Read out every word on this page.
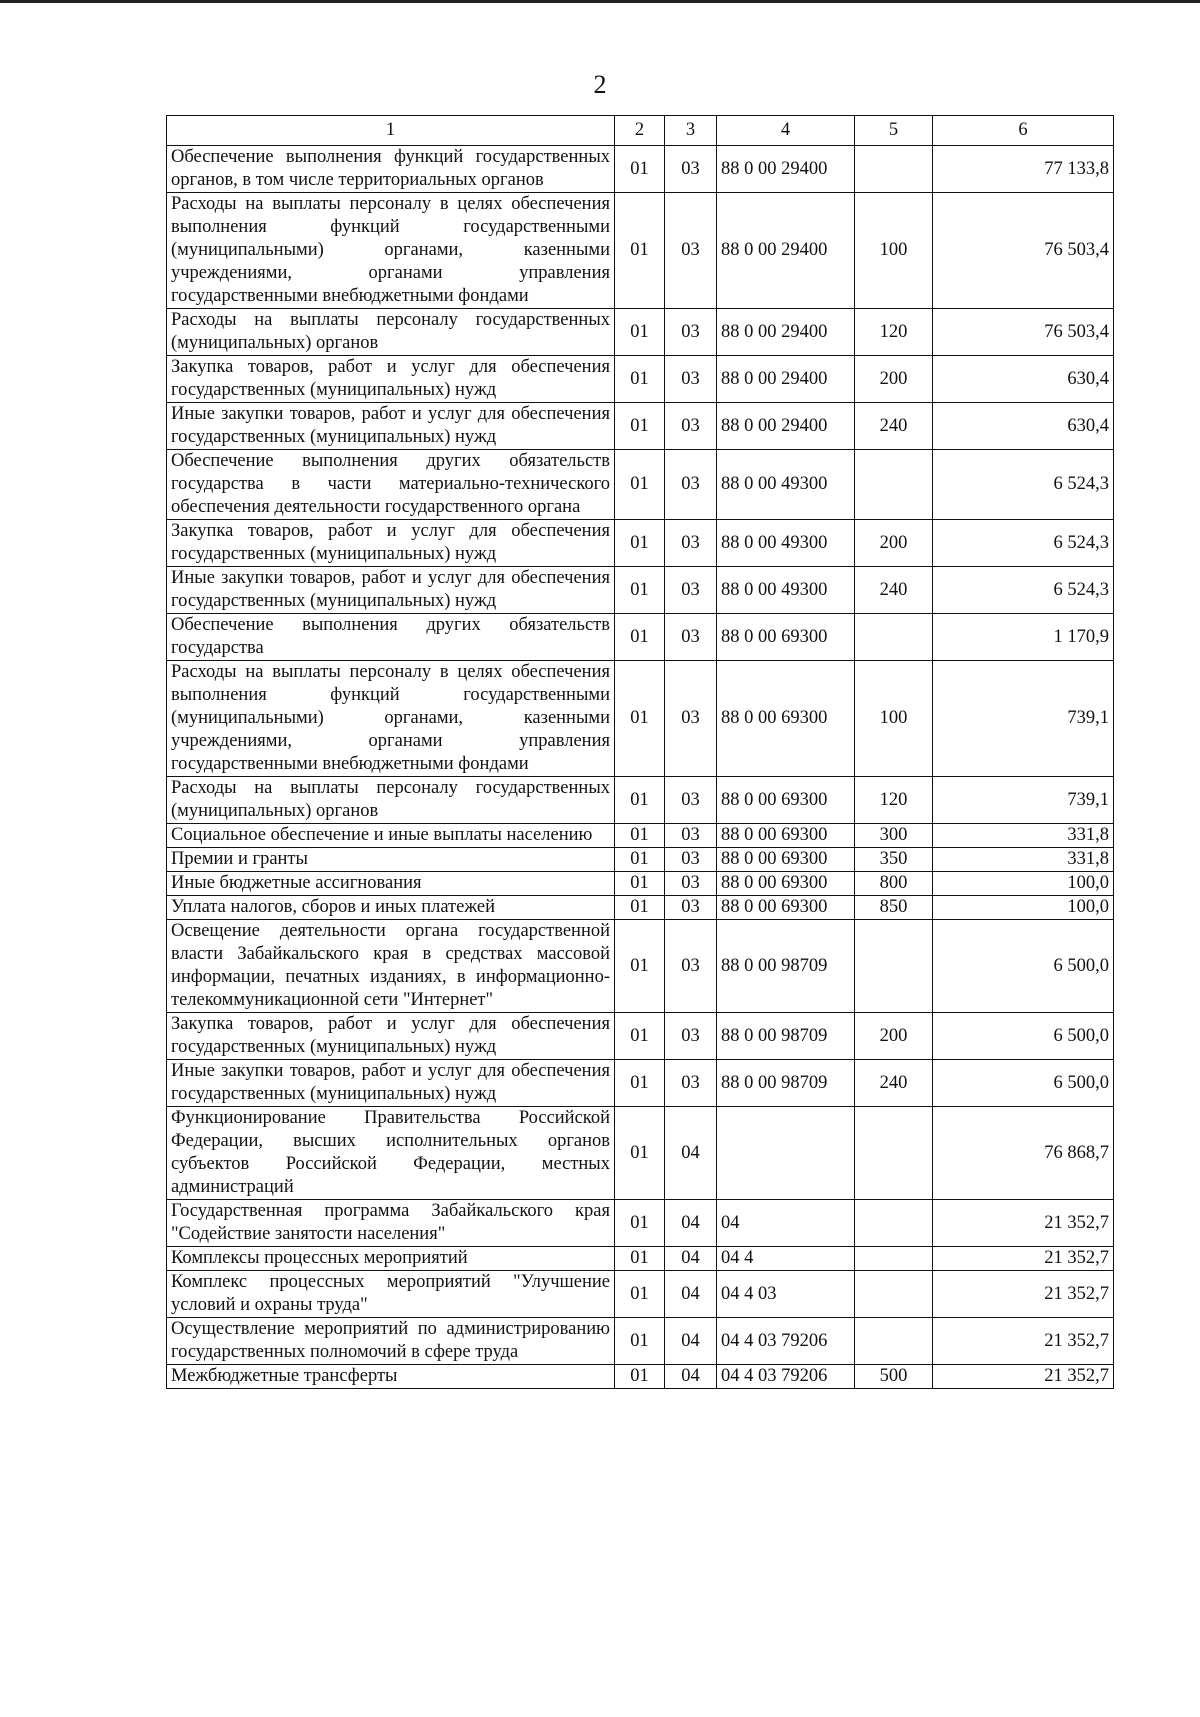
2
1	2	3	4	5	6
Обеспечение выполнения функций государственных органов, в том числе территориальных органов	01	03	88 0 00 29400		77 133,8
Расходы на выплаты персоналу в целях обеспечения выполнения функций государственными (муниципальными) органами, казенными учреждениями, органами управления государственными внебюджетными фондами	01	03	88 0 00 29400	100	76 503,4
Расходы на выплаты персоналу государственных (муниципальных) органов	01	03	88 0 00 29400	120	76 503,4
Закупка товаров, работ и услуг для обеспечения государственных (муниципальных) нужд	01	03	88 0 00 29400	200	630,4
Иные закупки товаров, работ и услуг для обеспечения государственных (муниципальных) нужд	01	03	88 0 00 29400	240	630,4
Обеспечение выполнения других обязательств государства в части материально-технического обеспечения деятельности государственного органа	01	03	88 0 00 49300		6 524,3
Закупка товаров, работ и услуг для обеспечения государственных (муниципальных) нужд	01	03	88 0 00 49300	200	6 524,3
Иные закупки товаров, работ и услуг для обеспечения государственных (муниципальных) нужд	01	03	88 0 00 49300	240	6 524,3
Обеспечение выполнения других обязательств государства	01	03	88 0 00 69300		1 170,9
Расходы на выплаты персоналу в целях обеспечения выполнения функций государственными (муниципальными) органами, казенными учреждениями, органами управления государственными внебюджетными фондами	01	03	88 0 00 69300	100	739,1
Расходы на выплаты персоналу государственных (муниципальных) органов	01	03	88 0 00 69300	120	739,1
Социальное обеспечение и иные выплаты населению	01	03	88 0 00 69300	300	331,8
Премии и гранты	01	03	88 0 00 69300	350	331,8
Иные бюджетные ассигнования	01	03	88 0 00 69300	800	100,0
Уплата налогов, сборов и иных платежей	01	03	88 0 00 69300	850	100,0
Освещение деятельности органа государственной власти Забайкальского края в средствах массовой информации, печатных изданиях, в информационно-телекоммуникационной сети "Интернет"	01	03	88 0 00 98709		6 500,0
Закупка товаров, работ и услуг для обеспечения государственных (муниципальных) нужд	01	03	88 0 00 98709	200	6 500,0
Иные закупки товаров, работ и услуг для обеспечения государственных (муниципальных) нужд	01	03	88 0 00 98709	240	6 500,0
Функционирование Правительства Российской Федерации, высших исполнительных органов субъектов Российской Федерации, местных администраций	01	04			76 868,7
Государственная программа Забайкальского края "Содействие занятости населения"	01	04	04		21 352,7
Комплексы процессных мероприятий	01	04	04 4		21 352,7
Комплекс процессных мероприятий "Улучшение условий и охраны труда"	01	04	04 4 03		21 352,7
Осуществление мероприятий по администрированию государственных полномочий в сфере труда	01	04	04 4 03 79206		21 352,7
Межбюджетные трансферты	01	04	04 4 03 79206	500	21 352,7
